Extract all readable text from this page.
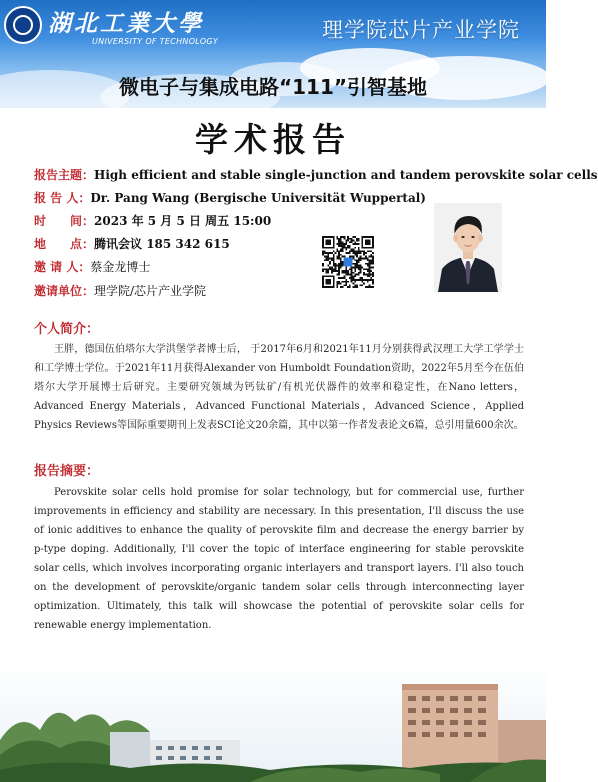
湖北工業大學
UNIVERSITY OF TECHNOLOGY	理学院芯片产业学院
微电子与集成电路“111”引智基地
学术报告
报告主题：High efficient and stable single-junction and tandem perovskite solar cells
报 告 人：Dr. Pang Wang (Bergische Universität Wuppertal)
时　　间：2023 年 5 月 5 日 周五 15:00
地　　点：腾讯会议 185 342 615
邀 请 人：蔡金龙博士
邀请单位：理学院/芯片产业学院
个人简介：
王胖，德国伍伯塔尔大学洪堡学者博士后， 于2017年6月和2021年11月分别获得武汉理工大学工学学士和工学博士学位。于2021年11月获得Alexander von Humboldt Foundation资助，2022年5月至今在伍伯塔尔大学开展博士后研究。主要研究领域为钙钛矿/有机光伏器件的效率和稳定性，在Nano letters， Advanced Energy Materials，Advanced Functional Materials，Advanced Science，Applied Physics Reviews等国际重要期刊上发表SCI论文20余篇，其中以第一作者发表论文6篇，总引用量600余次。
报告摘要：
Perovskite solar cells hold promise for solar technology, but for commercial use, further improvements in efficiency and stability are necessary. In this presentation, I'll discuss the use of ionic additives to enhance the quality of perovskite film and decrease the energy barrier by p-type doping. Additionally, I'll cover the topic of interface engineering for stable perovskite solar cells, which involves incorporating organic interlayers and transport layers. I'll also touch on the development of perovskite/organic tandem solar cells through interconnecting layer optimization. Ultimately, this talk will showcase the potential of perovskite solar cells for renewable energy implementation.
